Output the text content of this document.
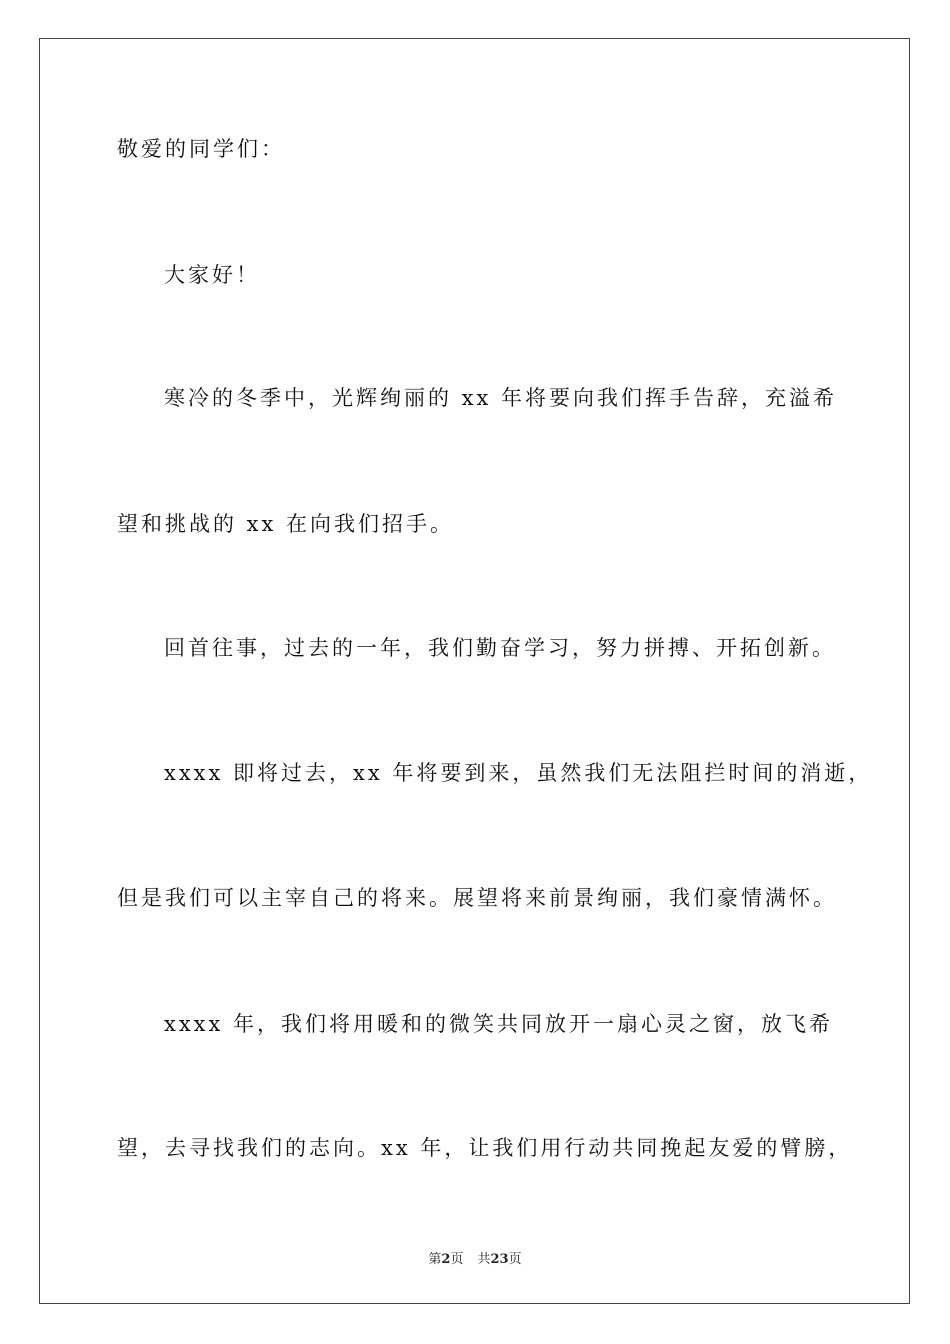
敬爱的同学们：
大家好！
寒冷的冬季中，光辉绚丽的 xx 年将要向我们挥手告辞，充溢希
望和挑战的 xx 在向我们招手。
回首往事，过去的一年，我们勤奋学习，努力拼搏、开拓创新。
xxxx 即将过去，xx 年将要到来，虽然我们无法阻拦时间的消逝，
但是我们可以主宰自己的将来。展望将来前景绚丽，我们豪情满怀。
xxxx 年，我们将用暖和的微笑共同放开一扇心灵之窗，放飞希
望，去寻找我们的志向。xx 年，让我们用行动共同挽起友爱的臂膀，
第2页 共23页
